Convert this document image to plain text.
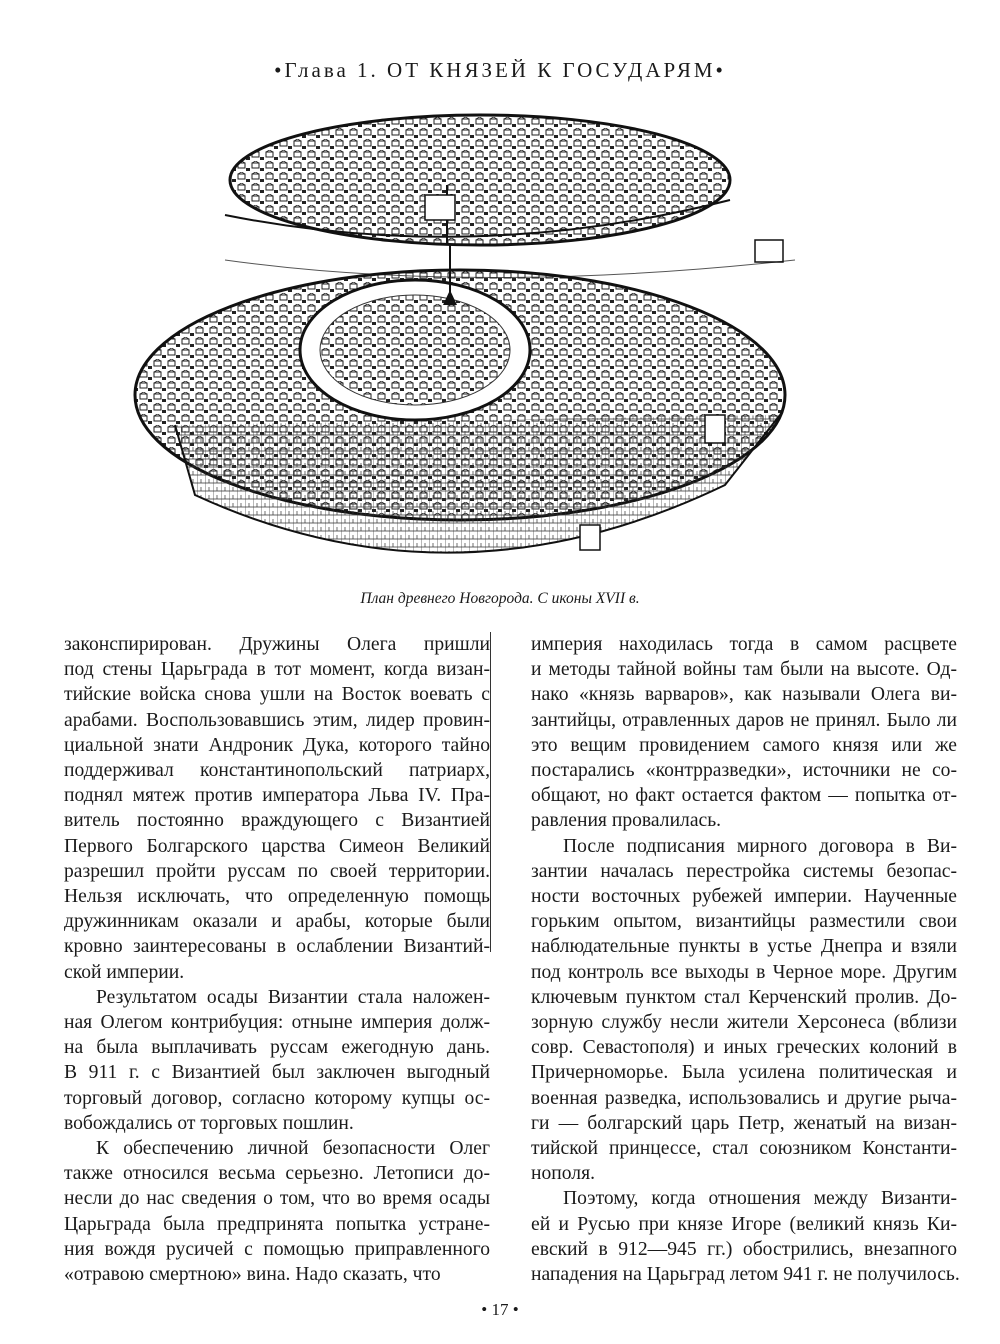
•Глава 1. ОТ КНЯЗЕЙ К ГОСУДАРЯМ•
План древнего Новгорода. С иконы XVII в.
законспирирован. Дружины Олега пришли
под стены Царьграда в тот момент, когда визан-
тийские войска снова ушли на Восток воевать с
арабами. Воспользовавшись этим, лидер провин-
циальной знати Андроник Дука, которого тайно
поддерживал константинопольский патриарх,
поднял мятеж против императора Льва IV. Пра-
витель постоянно враждующего с Византией
Первого Болгарского царства Симеон Великий
разрешил пройти руссам по своей территории.
Нельзя исключать, что определенную помощь
дружинникам оказали и арабы, которые были
кровно заинтересованы в ослаблении Византий-
ской империи.
Результатом осады Византии стала наложен-
ная Олегом контрибуция: отныне империя долж-
на была выплачивать руссам ежегодную дань.
В 911 г. с Византией был заключен выгодный
торговый договор, согласно которому купцы ос-
вобождались от торговых пошлин.
К обеспечению личной безопасности Олег
также относился весьма серьезно. Летописи до-
несли до нас сведения о том, что во время осады
Царьграда была предпринята попытка устране-
ния вождя русичей с помощью приправленного
«отравою смертною» вина. Надо сказать, что
империя находилась тогда в самом расцвете
и методы тайной войны там были на высоте. Од-
нако «князь варваров», как называли Олега ви-
зантийцы, отравленных даров не принял. Было ли
это вещим провидением самого князя или же
постарались «контрразведки», источники не со-
общают, но факт остается фактом — попытка от-
равления провалилась.
После подписания мирного договора в Ви-
зантии началась перестройка системы безопас-
ности восточных рубежей империи. Наученные
горьким опытом, византийцы разместили свои
наблюдательные пункты в устье Днепра и взяли
под контроль все выходы в Черное море. Другим
ключевым пунктом стал Керченский пролив. До-
зорную службу несли жители Херсонеса (вблизи
совр. Севастополя) и иных греческих колоний в
Причерноморье. Была усилена политическая и
военная разведка, использовались и другие рыча-
ги — болгарский царь Петр, женатый на визан-
тийской принцессе, стал союзником Константи-
нополя.
Поэтому, когда отношения между Византи-
ей и Русью при князе Игоре (великий князь Ки-
евский в 912—945 гг.) обострились, внезапного
нападения на Царьград летом 941 г. не получилось.
• 17 •
